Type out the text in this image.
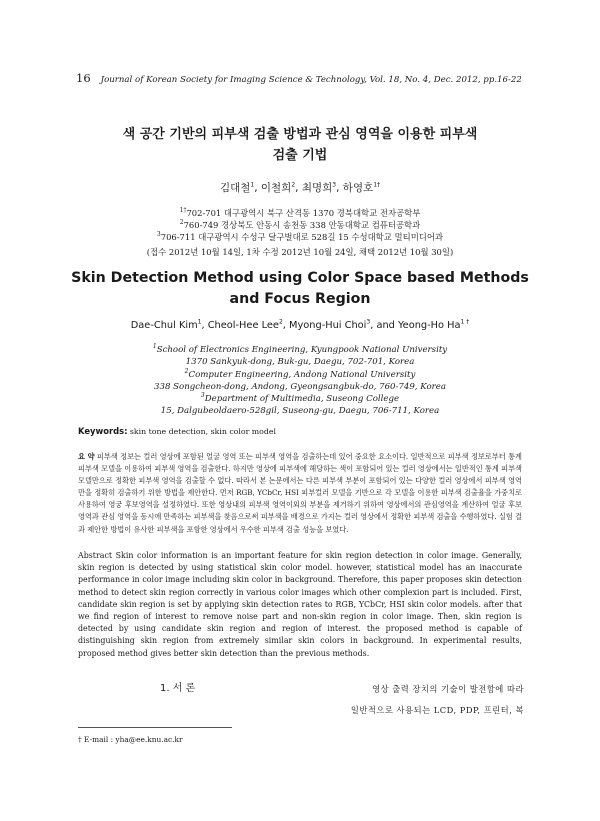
16 Journal of Korean Society for Imaging Science & Technology, Vol. 18, No. 4, Dec. 2012, pp.16-22
색 공간 기반의 피부색 검출 방법과 관심 영역을 이용한 피부색
검출 기법
김대철$^1$, 이철희$^2$, 최명희$^3$, 하영호$^{1\dagger}$
$^{1\dagger}$702-701 대구광역시 북구 산격동 1370 경북대학교 전자공학부
$^2$760-749 경상북도 안동시 송천동 338 안동대학교 컴퓨터공학과
$^3$706-711 대구광역시 수성구 달구벌대로 528길 15 수성대학교 멀티미디어과
(접수 2012년 10월 14일, 1차 수정 2012년 10월 24일, 채택 2012년 10월 30일)
Skin Detection Method using Color Space based Methods
and Focus Region
Dae-Chul Kim$^1$, Cheol-Hee Lee$^2$, Myong-Hui Choi$^3$, and Yeong-Ho $Ha^{1 \dagger}$
$^1$School of Electronics Engineering, Kyungpook National University
1370 Sankyuk-dong, Buk-gu, Daegu, 702-701, Korea
$^2$Computer Engineering, Andong National University
338 Songcheon-dong, Andong, Gyeongsangbuk-do, 760-749, Korea
$^3$Department of Multimedia, Suseong College
15, Dalgubeoldaero-528gil, Suseong-gu, Daegu, 706-711, Korea
Keywords: skin tone detection, skin color model
요 약 피부색 정보는 컬러 영상에 포함된 얼굴 영역 또는 피부색 영역을 검출하는데 있어 중요한 요소이다. 일반적으로 피부색 정보로부터 통계 피부색 모델을 이용하여 피부색 영역을 검출한다. 하지만 영상에 피부색에 해당하는 색이 포함되어 있는 컬러 영상에서는 일반적인 통계 피부색 모델만으로 정확한 피부색 영역을 검출할 수 없다. 따라서 본 논문에서는 다른 피부색 부분이 포함되어 있는 다양한 컬러 영상에서 피부색 영역만을 정확히 검출하기 위한 방법을 제안한다. 먼저 RGB, YCbCr, HSI 피부컬러 모델을 기반으로 각 모델을 이용한 피부색 검출율을 가중치로 사용하여 영궁 후보영역을 설정하였다. 또한 영상내의 피부색 영역이외의 부분을 제거하기 위하여 영상에서의 관심영역을 계산하여 얼굴 후보 영역과 관심 영역을 동시에 만족하는 피부색을 찾음으로써 피부색을 배경으로 가지는 컬러 영상에서 정확한 피부색 검출을 수행하였다. 실험 결과 제안한 방법이 유사한 피부색을 포함한 영상에서 우수한 피부색 검출 성능을 보였다.
Abstract Skin color information is an important feature for skin region detection in color image. Generally, skin region is detected by using statistical skin color model. however, statistical model has an inaccurate performance in color image including skin color in background. Therefore, this paper proposes skin detection method to detect skin region correctly in various color images which other complexion part is included. First, candidate skin region is set by applying skin detection rates to RGB, YCbCr, HSI skin color models. after that we find region of interest to remove noise part and non-skin region in color image. Then, skin region is detected by using candidate skin region and region of interest. the proposed method is capable of distinguishing skin region from extremely similar skin colors in background. In experimental results, proposed method gives better skin detection than the previous methods.
1. 서 론	영상 출력 장치의 기술이 발전함에 따라
일반적으로 사용되는 LCD, PDP, 프린터, 복
† E-mail : yha@ee.knu.ac.kr
